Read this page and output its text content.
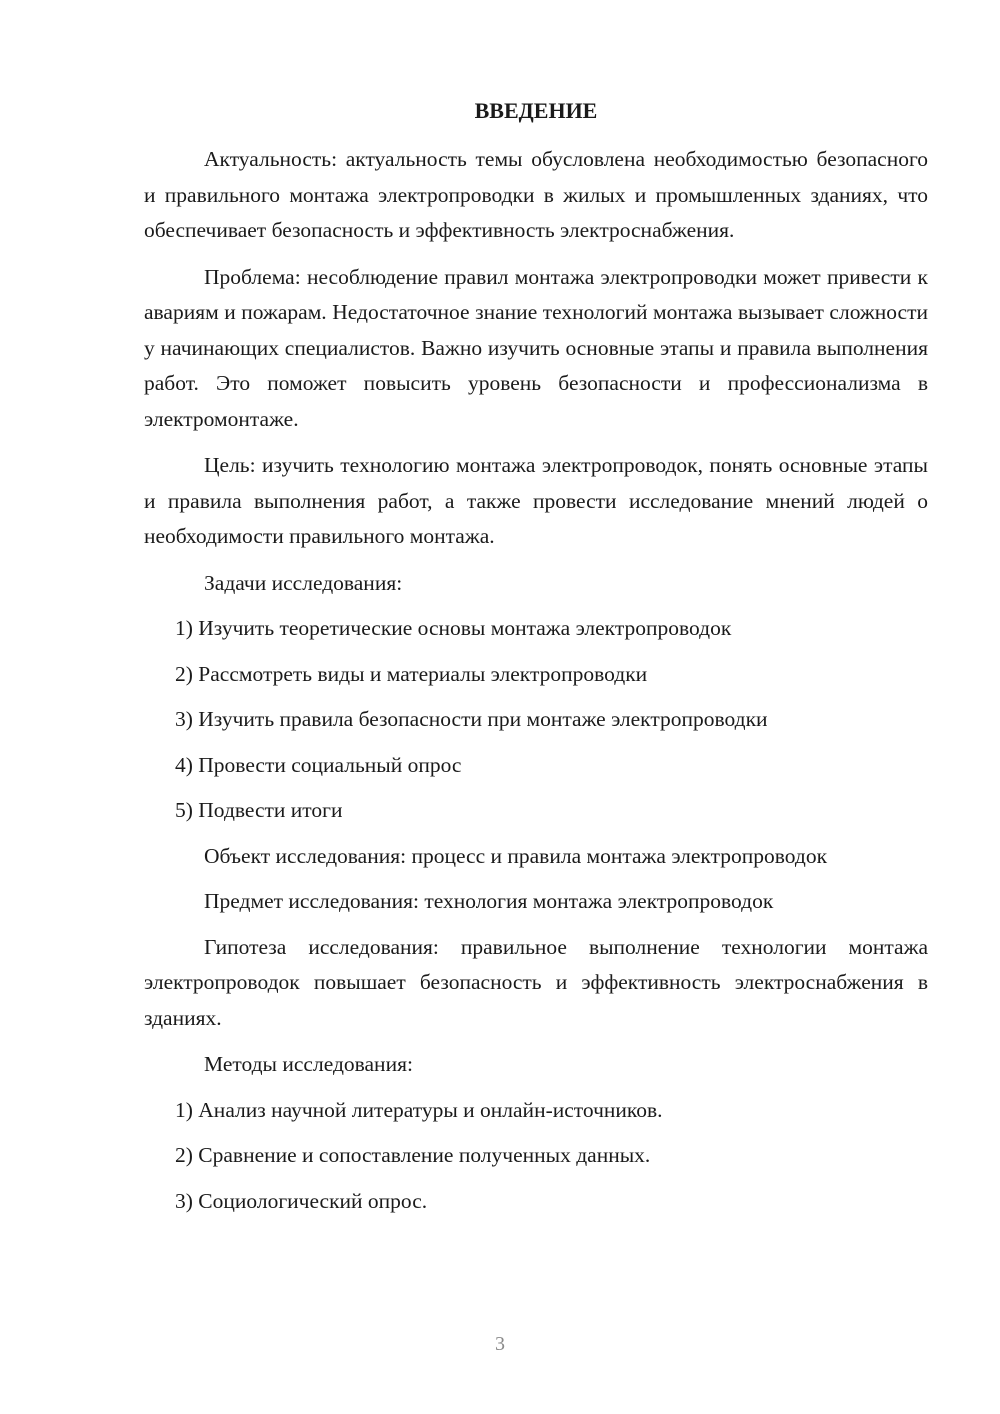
ВВЕДЕНИЕ
Актуальность: актуальность темы обусловлена необходимостью безопасного и правильного монтажа электропроводки в жилых и промышленных зданиях, что обеспечивает безопасность и эффективность электроснабжения.
Проблема: несоблюдение правил монтажа электропроводки может привести к авариям и пожарам. Недостаточное знание технологий монтажа вызывает сложности у начинающих специалистов. Важно изучить основные этапы и правила выполнения работ. Это поможет повысить уровень безопасности и профессионализма в электромонтаже.
Цель: изучить технологию монтажа электропроводок, понять основные этапы и правила выполнения работ, а также провести исследование мнений людей о необходимости правильного монтажа.
Задачи исследования:
1) Изучить теоретические основы монтажа электропроводок
2) Рассмотреть виды и материалы электропроводки
3) Изучить правила безопасности при монтаже электропроводки
4) Провести социальный опрос
5) Подвести итоги
Объект исследования: процесс и правила монтажа электропроводок
Предмет исследования: технология монтажа электропроводок
Гипотеза исследования: правильное выполнение технологии монтажа электропроводок повышает безопасность и эффективность электроснабжения в зданиях.
Методы исследования:
1) Анализ научной литературы и онлайн-источников.
2) Сравнение и сопоставление полученных данных.
3) Социологический опрос.
3
